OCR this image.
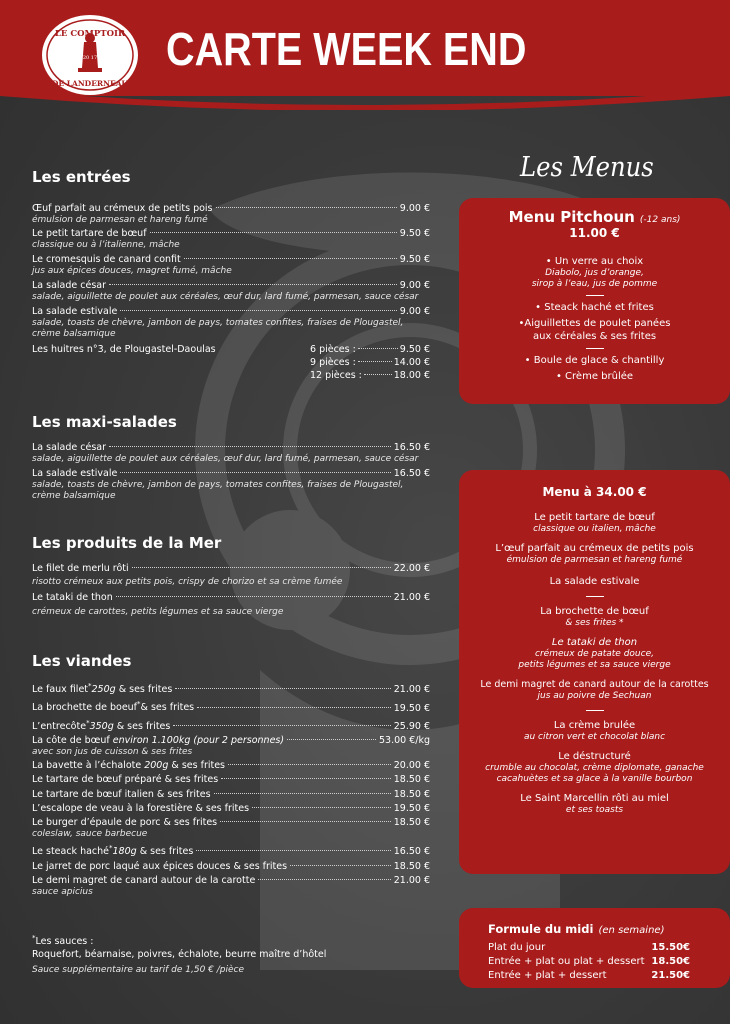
LE COMPTOIR
DE LANDERNEAU
20 17 CARTE WEEK END
Les entrées
Œuf parfait au crémeux de petits pois	9.00 €
émulsion de parmesan et hareng fumé
Le petit tartare de bœuf	9.50 €
classique ou à l’italienne, mâche
Le cromesquis de canard confit	9.50 €
jus aux épices douces, magret fumé, mâche
La salade césar	9.00 €
salade, aiguillette de poulet aux céréales, œuf dur, lard fumé, parmesan, sauce césar
La salade estivale	9.00 €
salade, toasts de chèvre, jambon de pays, tomates confites, fraises de Plougastel,
crème balsamique
Les huitres n°3, de Plougastel-Daoulas	6 pièces :	9.50 €
9 pièces :	14.00 €
12 pièces :	18.00 €
Les maxi-salades
La salade césar	16.50 €
salade, aiguillette de poulet aux céréales, œuf dur, lard fumé, parmesan, sauce césar
La salade estivale	16.50 €
salade, toasts de chèvre, jambon de pays, tomates confites, fraises de Plougastel,
crème balsamique
Les produits de la Mer
Le filet de merlu rôti	22.00 €
risotto crémeux aux petits pois, crispy de chorizo et sa crème fumée
Le tataki de thon	21.00 €
crémeux de carottes, petits légumes et sa sauce vierge
Les viandes
Le faux filet*250g & ses frites	21.00 €
La brochette de boeuf*& ses frites	19.50 €
L’entrecôte*350g & ses frites	25.90 €
La côte de bœuf environ 1.100kg (pour 2 personnes)	53.00 €/kg
avec son jus de cuisson & ses frites
La bavette à l’échalote 200g & ses frites	20.00 €
Le tartare de bœuf préparé & ses frites	18.50 €
Le tartare de bœuf italien & ses frites	18.50 €
L’escalope de veau à la forestière & ses frites	19.50 €
Le burger d’épaule de porc & ses frites	18.50 €
coleslaw, sauce barbecue
Le steack haché*180g & ses frites	16.50 €
Le jarret de porc laqué aux épices douces & ses frites	18.50 €
Le demi magret de canard autour de la carotte	21.00 €
sauce apicius
*Les sauces :
Roquefort, béarnaise, poivres, échalote, beurre maître d’hôtel
Sauce supplémentaire au tarif de 1,50 € /pièce
Les Menus
Menu Pitchoun (-12 ans)
11.00 €
• Un verre au choix
Diabolo, jus d’orange,
sirop à l’eau, jus de pomme
• Steack haché et frites
•Aiguillettes de poulet panées
aux céréales & ses frites
• Boule de glace & chantilly
• Crème brûlée
Menu à 34.00 €
Le petit tartare de bœuf
classique ou italien, mâche
L’œuf parfait au crémeux de petits pois
émulsion de parmesan et hareng fumé
La salade estivale
La brochette de bœuf
& ses frites *
Le tataki de thon
crémeux de patate douce,
petits légumes et sa sauce vierge
Le demi magret de canard autour de la carottes
jus au poivre de Sechuan
La crème brulée
au citron vert et chocolat blanc
Le déstructuré
crumble au chocolat, crème diplomate, ganache
cacahuètes et sa glace à la vanille bourbon
Le Saint Marcellin rôti au miel
et ses toasts
Formule du midi (en semaine)
Plat du jour	15.50€
Entrée + plat ou plat + dessert 18.50€
Entrée + plat + dessert	21.50€
